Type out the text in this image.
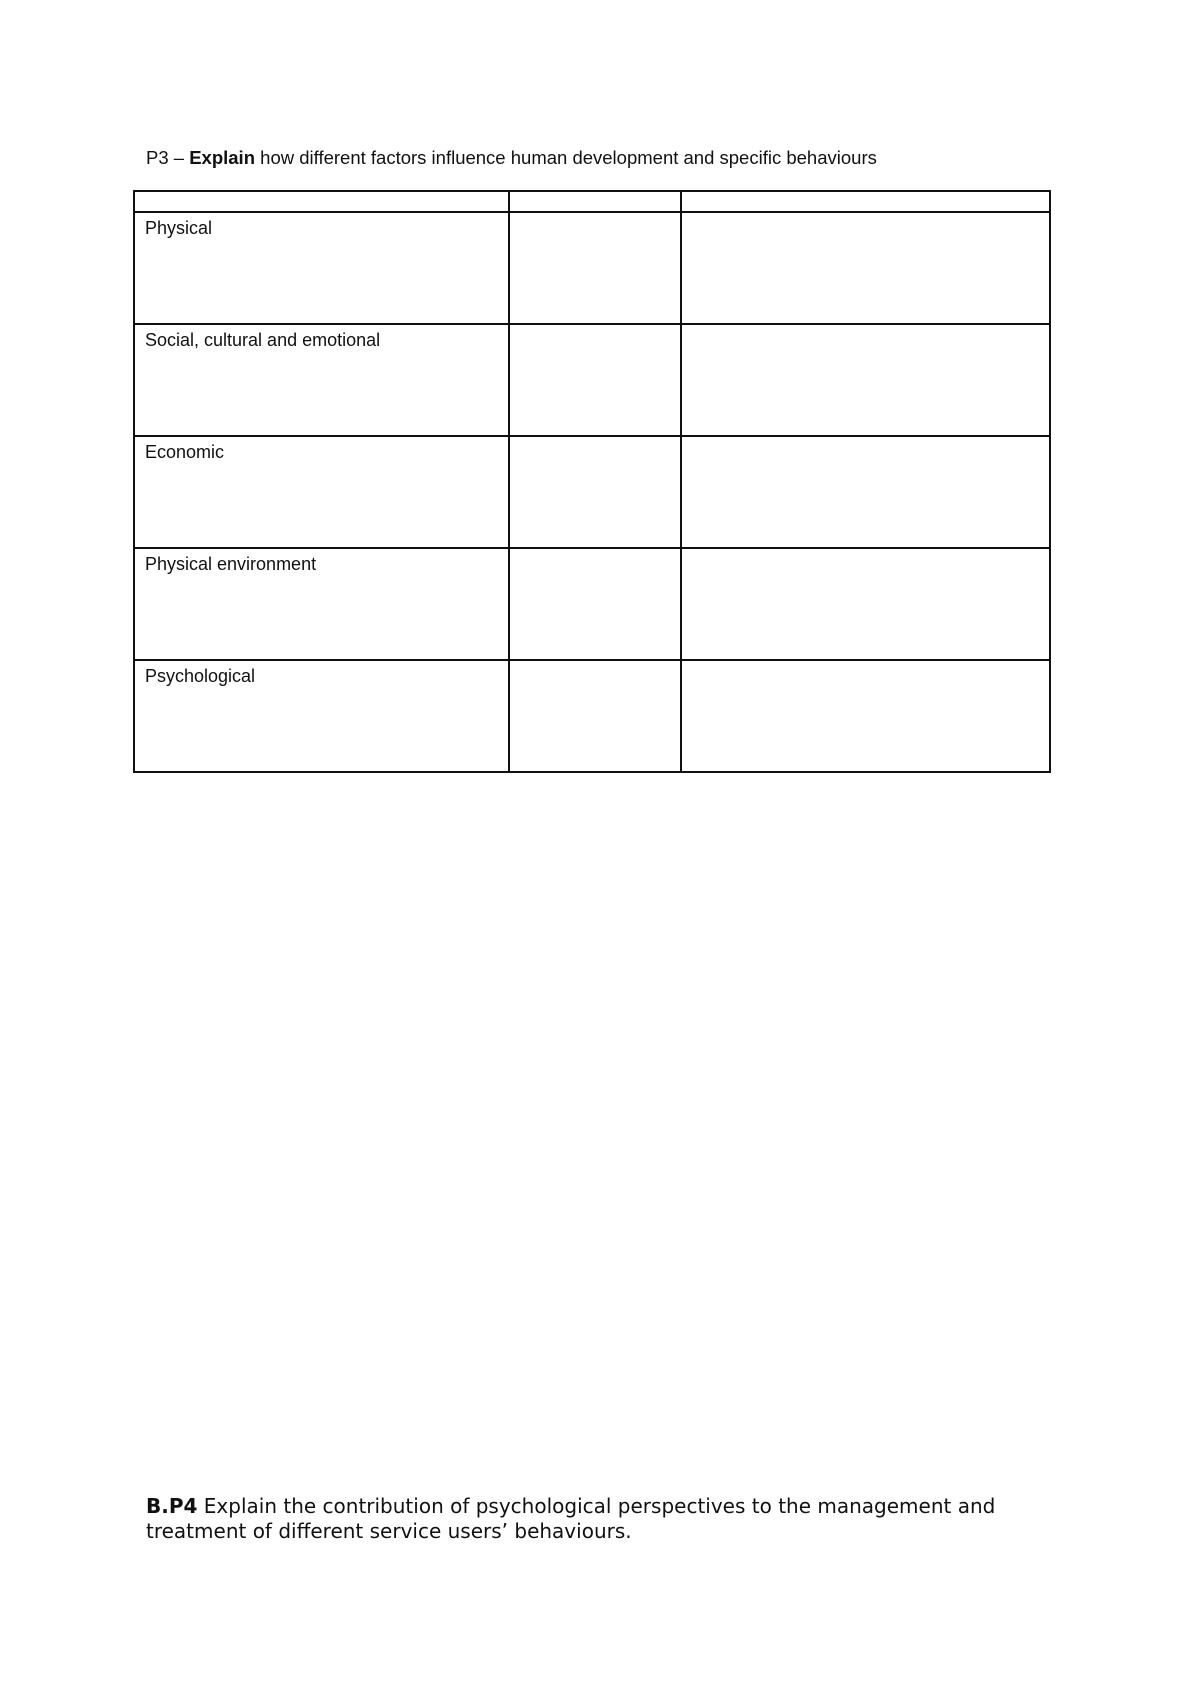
P3 – Explain how different factors influence human development and specific behaviours

Physical		
Social, cultural and emotional		
Economic		
Physical environment		
Psychological		
B.P4 Explain the contribution of psychological perspectives to the management and treatment of different service users’ behaviours.
